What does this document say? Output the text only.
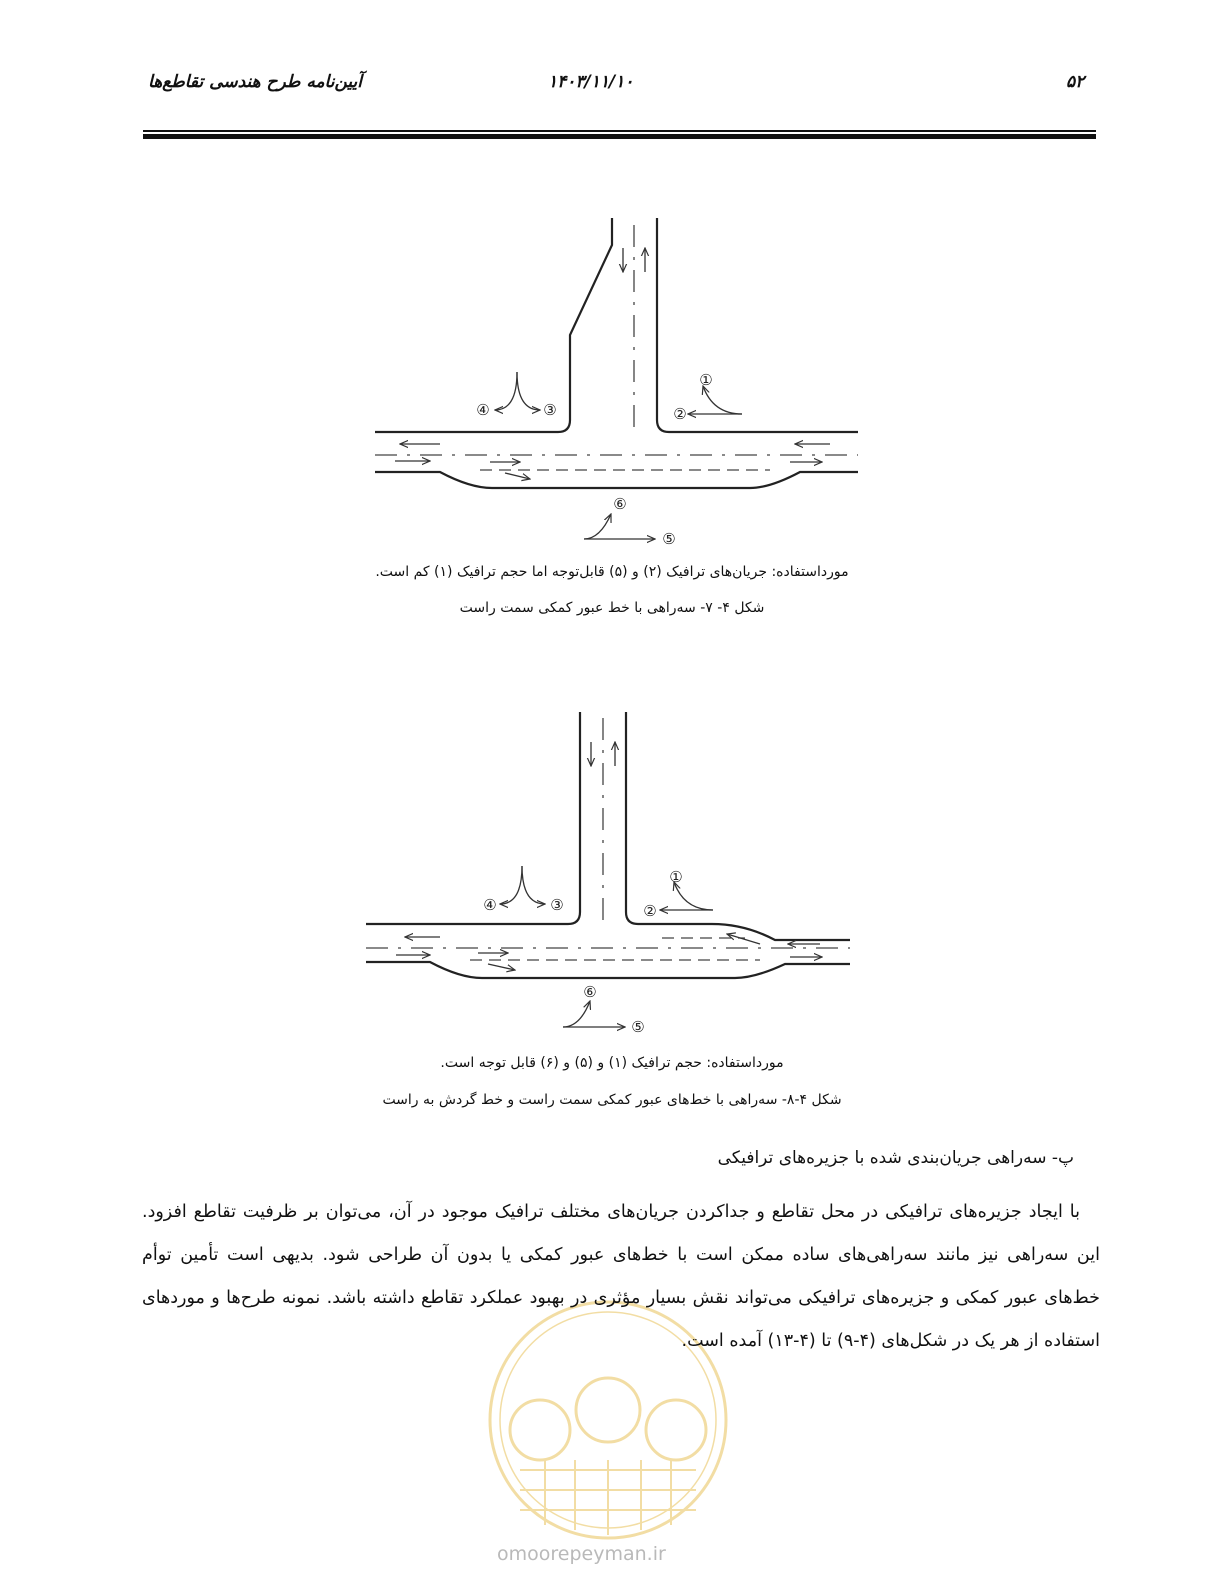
آیین‌نامه طرح هندسی تقاطع‌ها	۱۴۰۳/۱۱/۱۰	۵۲
①
②
③
④
⑤
⑥
①
②
③
④
⑤
⑥
مورداستفاده: جریان‌های ترافیک (۲) و (۵) قابل‌توجه اما حجم ترافیک (۱) کم است.
شکل ۴- ۷- سه‌راهی با خط عبور کمکی سمت راست
مورداستفاده: حجم ترافیک (۱) و (۵) و (۶) قابل توجه است.
شکل ۴-۸- سه‌راهی با خط‌های عبور کمکی سمت راست و خط گردش به راست
پ- سه‌راهی جریان‌بندی شده با جزیره‌های ترافیکی

با ایجاد جزیره‌های ترافیکی در محل تقاطع و جداکردن جریان‌های مختلف ترافیک موجود در آن، می‌توان بر ظرفیت تقاطع افزود. این سه‌راهی نیز مانند سه‌راهی‌های ساده ممکن است با خط‌های عبور کمکی یا بدون آن طراحی شود. بدیهی است تأمین توأم خط‌های عبور کمکی و جزیره‌های ترافیکی می‌تواند نقش بسیار مؤثری در بهبود عملکرد تقاطع داشته باشد. نمونه طرح‌ها و موردهای استفاده از هر یک در شکل‌های (۴-۹) تا (۴-۱۳) آمده است.

omoorepeyman.ir
